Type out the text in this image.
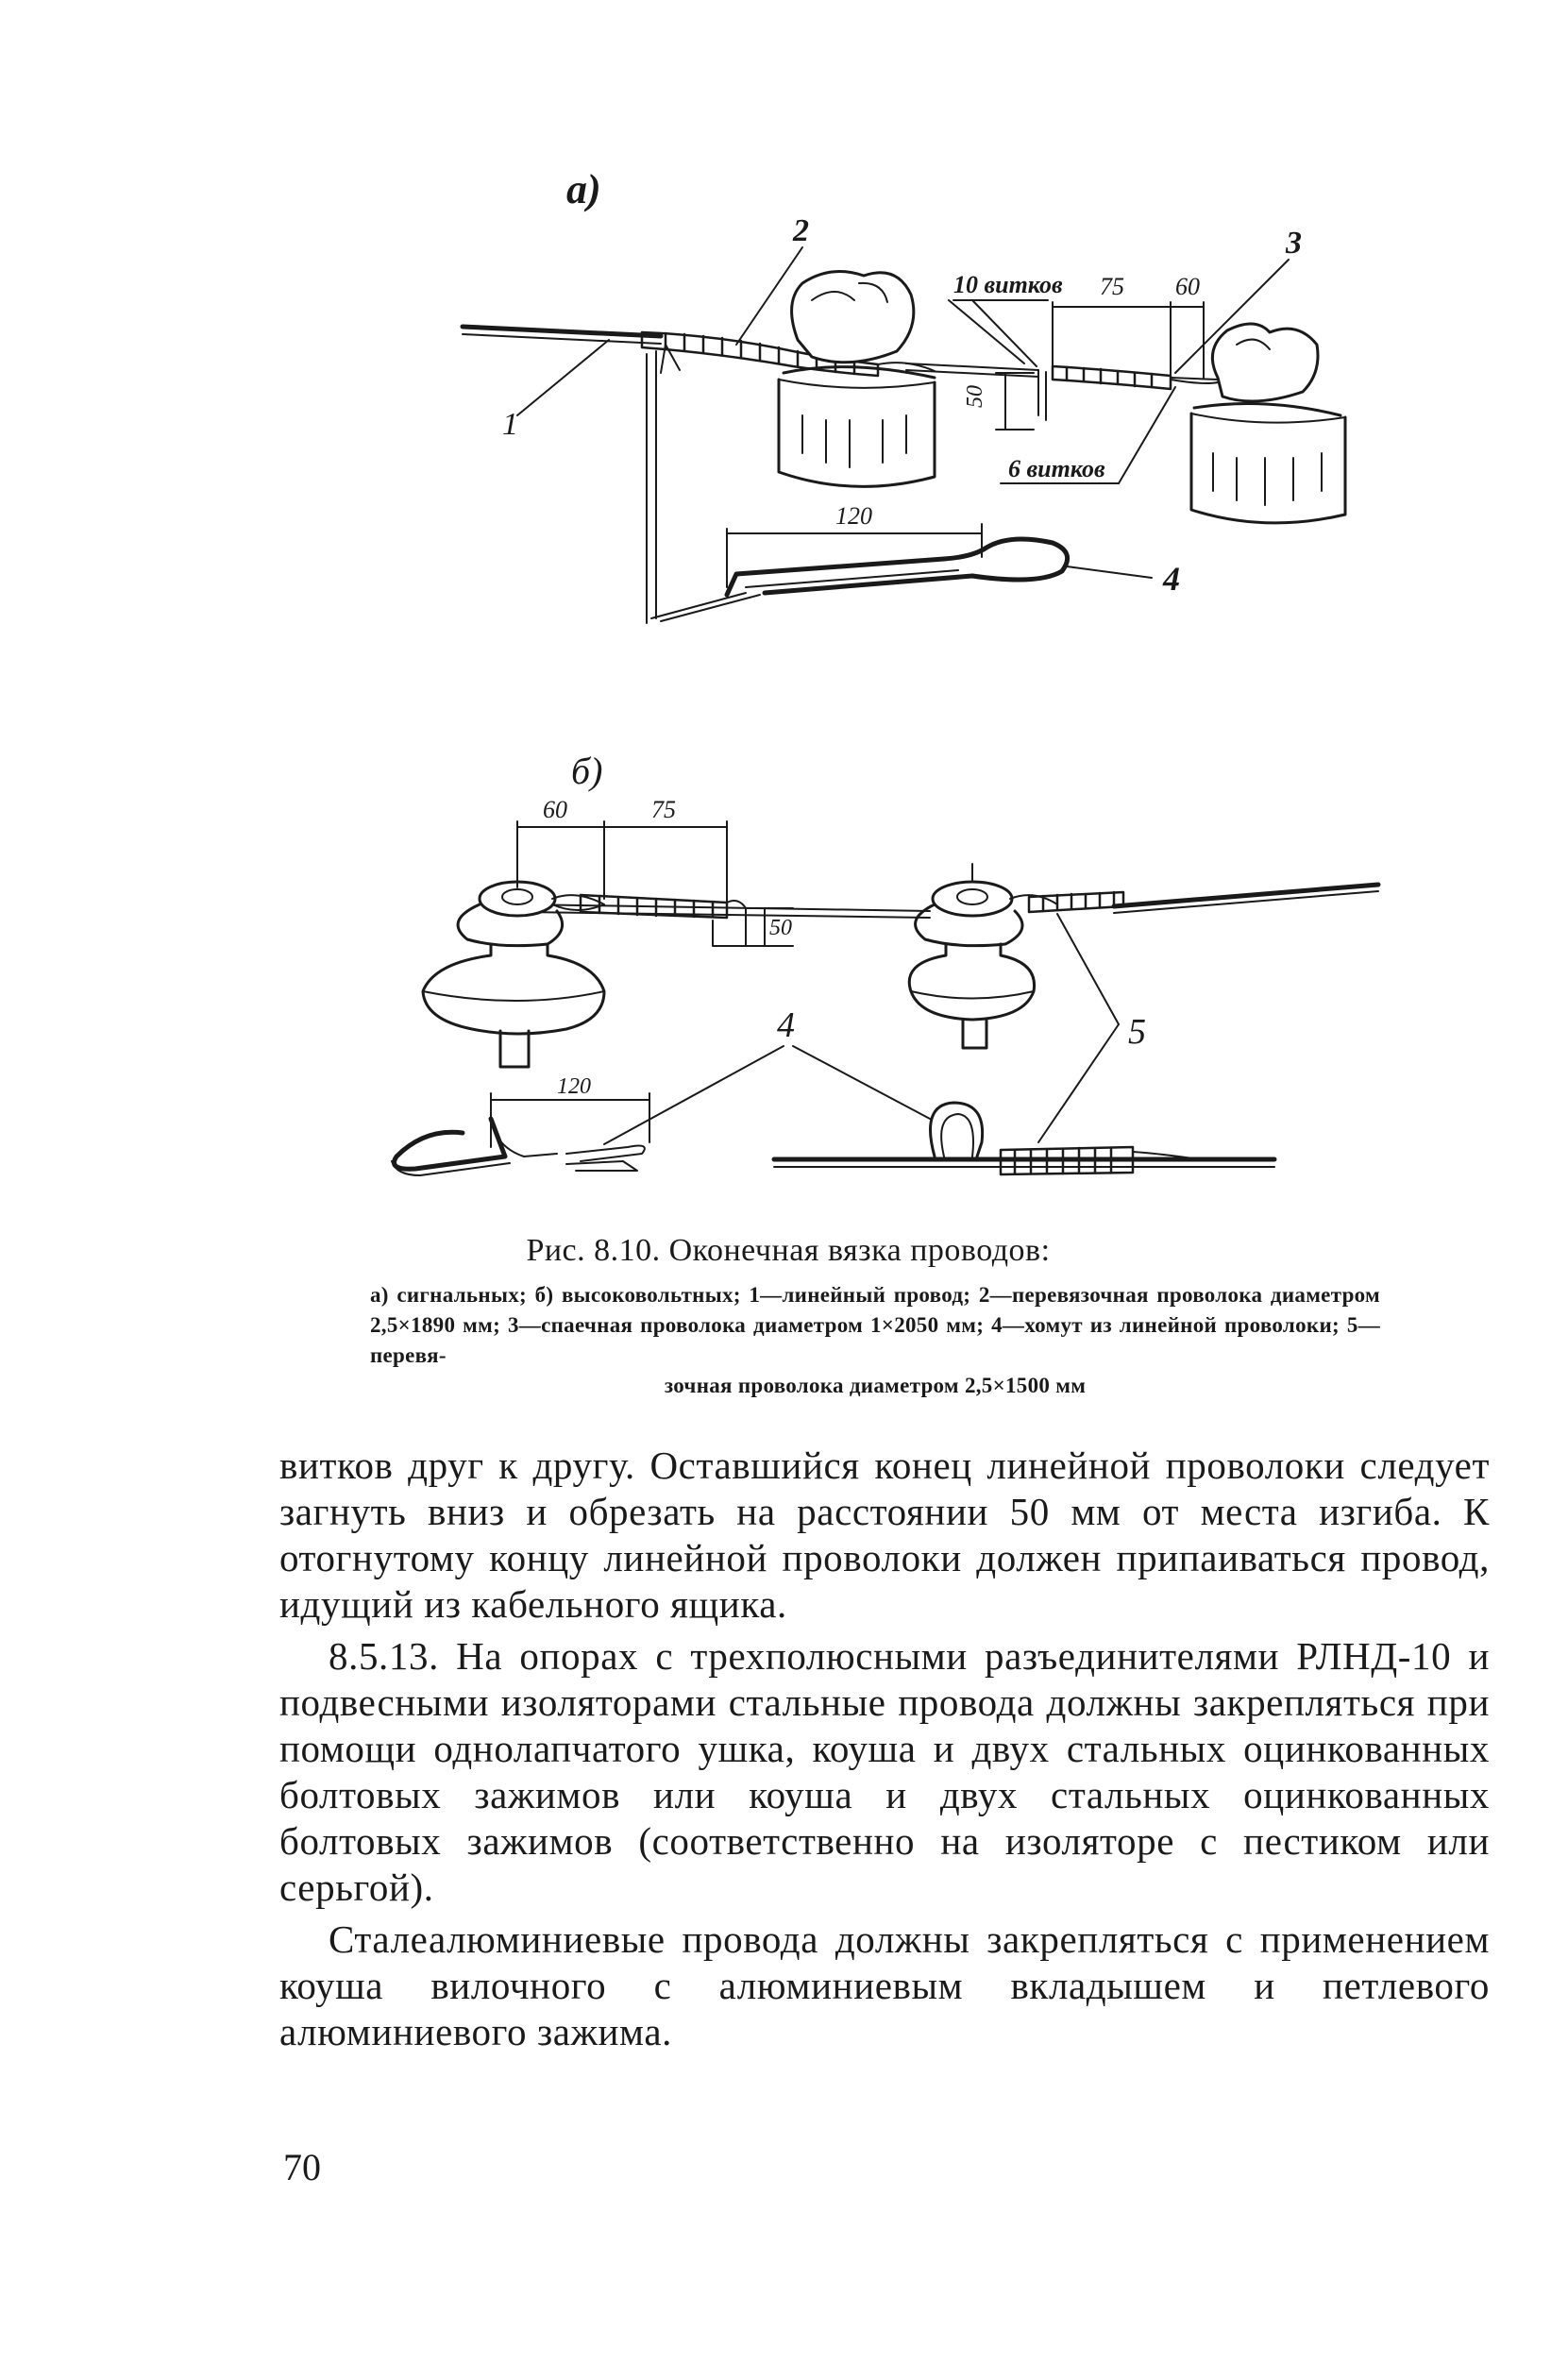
а)
50
75 60
10 витков
6 витков
1
2	3
120
4
б)
60	75
50
5
120
4
Рис. 8.10. Оконечная вязка проводов:
а) сигнальных; б) высоковольтных; 1—линейный провод; 2—перевязочная проволока диаметром 2,5×1890 мм; 3—спаечная проволока диаметром 1×2050 мм; 4—хомут из линейной проволоки; 5—перевя-
зочная проволока диаметром 2,5×1500 мм

витков друг к другу. Оставшийся конец линейной проволоки следует загнуть вниз и обрезать на расстоянии 50 мм от места изгиба. К отогнутому концу линейной проволоки должен припаиваться провод, идущий из кабельного ящика.

8.5.13. На опорах с трехполюсными разъединителями РЛНД-10 и подвесными изоляторами стальные провода должны закрепляться при помощи однолапчатого ушка, коуша и двух стальных оцинкованных болтовых зажимов или коуша и двух стальных оцинкованных болтовых зажимов (соответственно на изоляторе с пестиком или серьгой).

Сталеалюминиевые провода должны закрепляться с применением коуша вилочного с алюминиевым вкладышем и петлевого алюминиевого зажима.

70
